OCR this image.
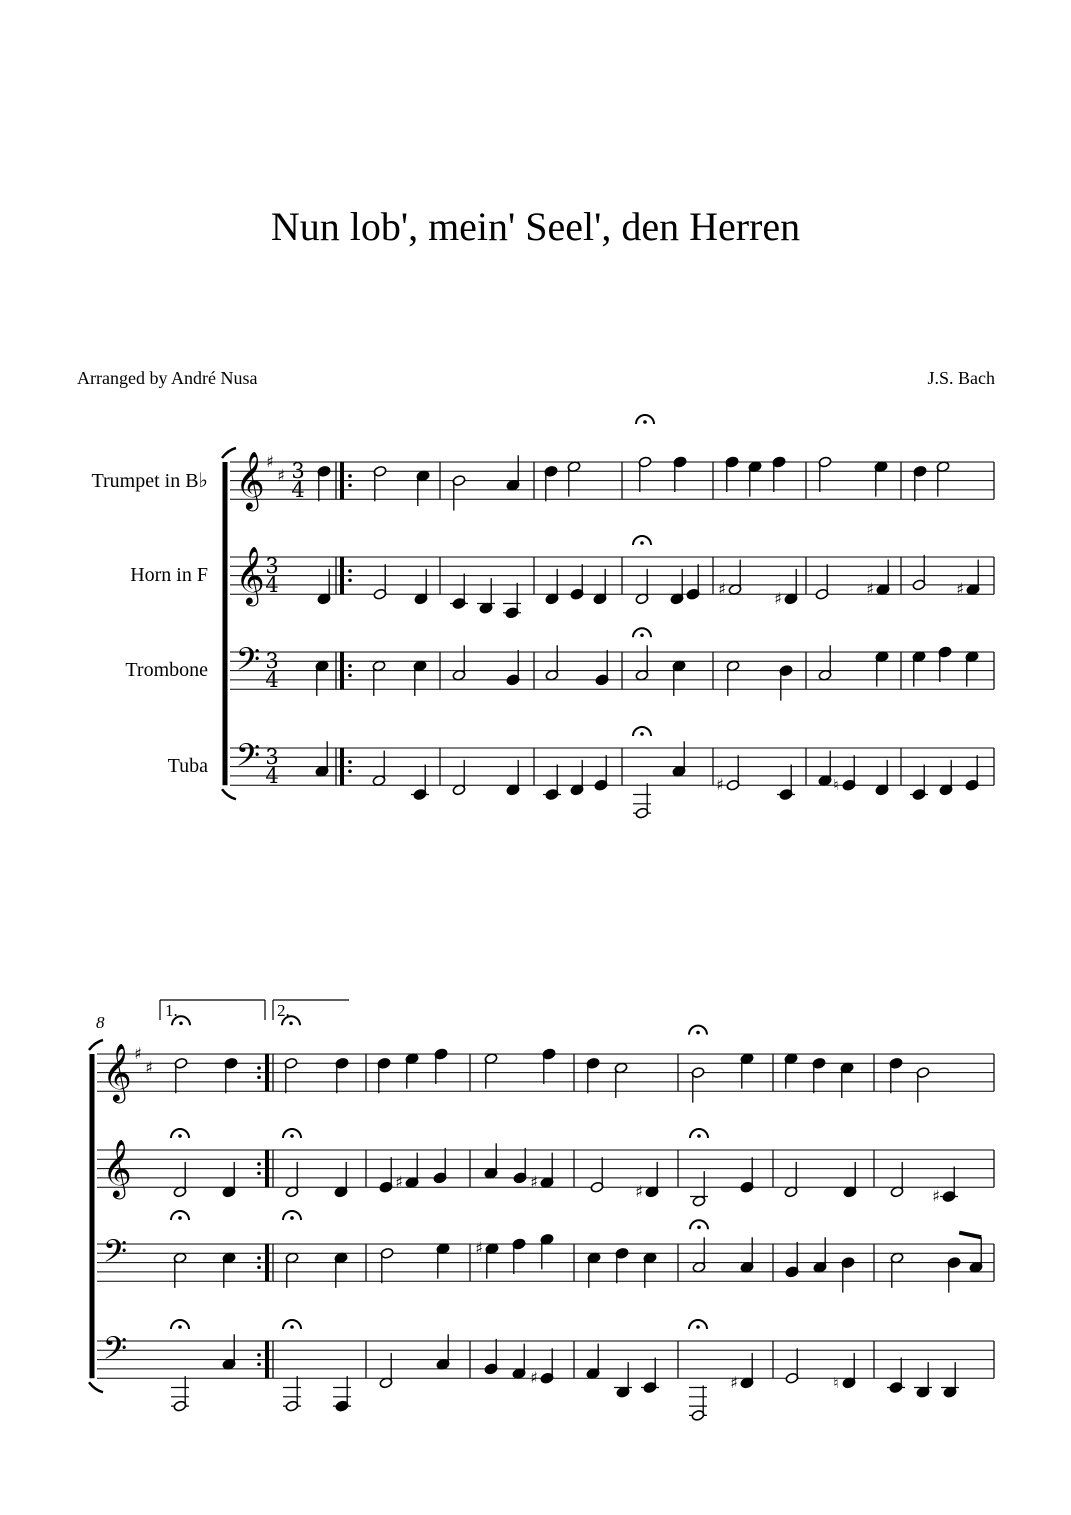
Nun lob', mein' Seel', den Herren
Arranged by André Nusa	J.S. Bach
Trumpet in B♭
Horn in F
Trombone
Tuba
8
1.	2.
𝄞
𝄞
𝄢
𝄢
♯
♯ 3
4
3
4
3
4
3
4
♯	♯	♯	♯
♯	♮
𝄞
𝄞
𝄢
𝄢
♯
♯
♯	♯	♯	♯
♯
♯	♯	♮
